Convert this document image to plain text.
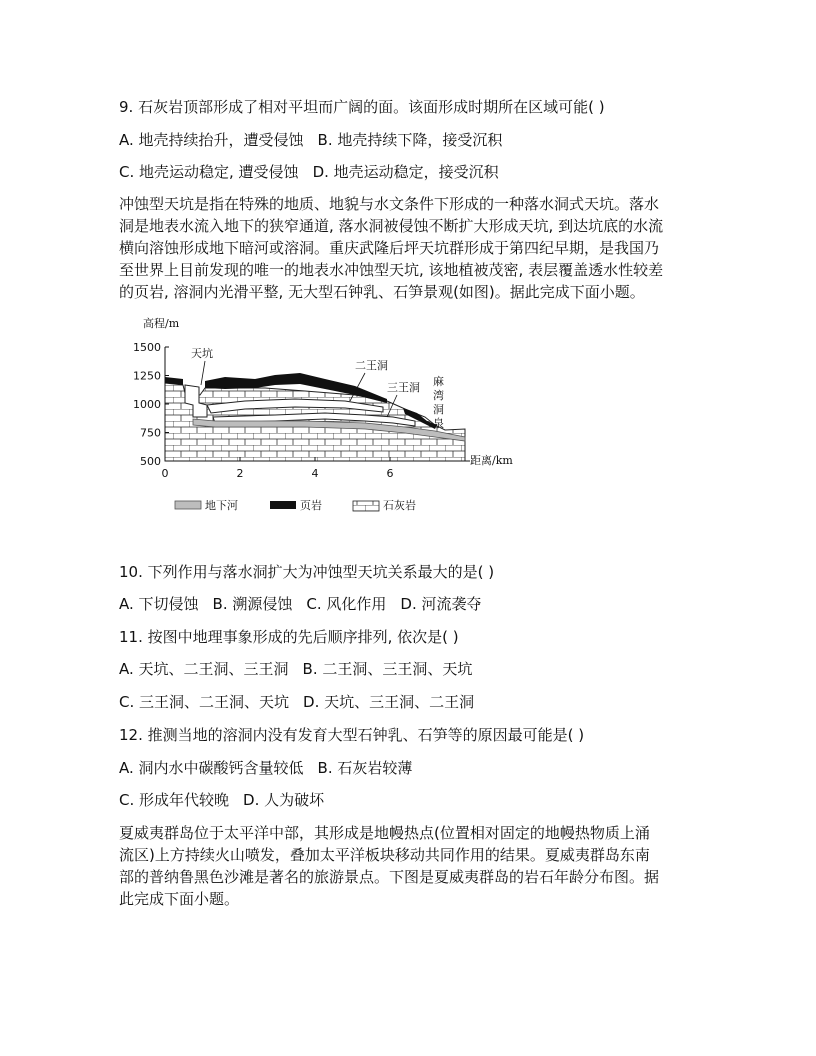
9. 石灰岩顶部形成了相对平坦而广阔的面。该面形成时期所在区域可能( )
A. 地壳持续抬升，遭受侵蚀 B. 地壳持续下降，接受沉积
C. 地壳运动稳定, 遭受侵蚀 D. 地壳运动稳定，接受沉积
冲蚀型天坑是指在特殊的地质、地貌与水文条件下形成的一种落水洞式天坑。落水
洞是地表水流入地下的狭窄通道, 落水洞被侵蚀不断扩大形成天坑, 到达坑底的水流
横向溶蚀形成地下暗河或溶洞。重庆武隆后坪天坑群形成于第四纪早期，是我国乃
至世界上目前发现的唯一的地表水冲蚀型天坑, 该地植被茂密, 表层覆盖透水性较差
的页岩, 溶洞内光滑平整, 无大型石钟乳、石笋景观(如图)。据此完成下面小题。
高程/m
1500
1250
1000
750
500
0	2	4	6
距离/km
天坑
二王洞
三王洞 麻
湾
洞
泉
地下河	页岩	石灰岩
10. 下列作用与落水洞扩大为冲蚀型天坑关系最大的是( )
A. 下切侵蚀 B. 溯源侵蚀 C. 风化作用 D. 河流袭夺
11. 按图中地理事象形成的先后顺序排列, 依次是( )
A. 天坑、二王洞、三王洞 B. 二王洞、三王洞、天坑
C. 三王洞、二王洞、天坑 D. 天坑、三王洞、二王洞
12. 推测当地的溶洞内没有发育大型石钟乳、石笋等的原因最可能是( )
A. 洞内水中碳酸钙含量较低 B. 石灰岩较薄
C. 形成年代较晚 D. 人为破坏
夏威夷群岛位于太平洋中部，其形成是地幔热点(位置相对固定的地幔热物质上涌
流区)上方持续火山喷发，叠加太平洋板块移动共同作用的结果。夏威夷群岛东南
部的普纳鲁黑色沙滩是著名的旅游景点。下图是夏威夷群岛的岩石年龄分布图。据
此完成下面小题。
